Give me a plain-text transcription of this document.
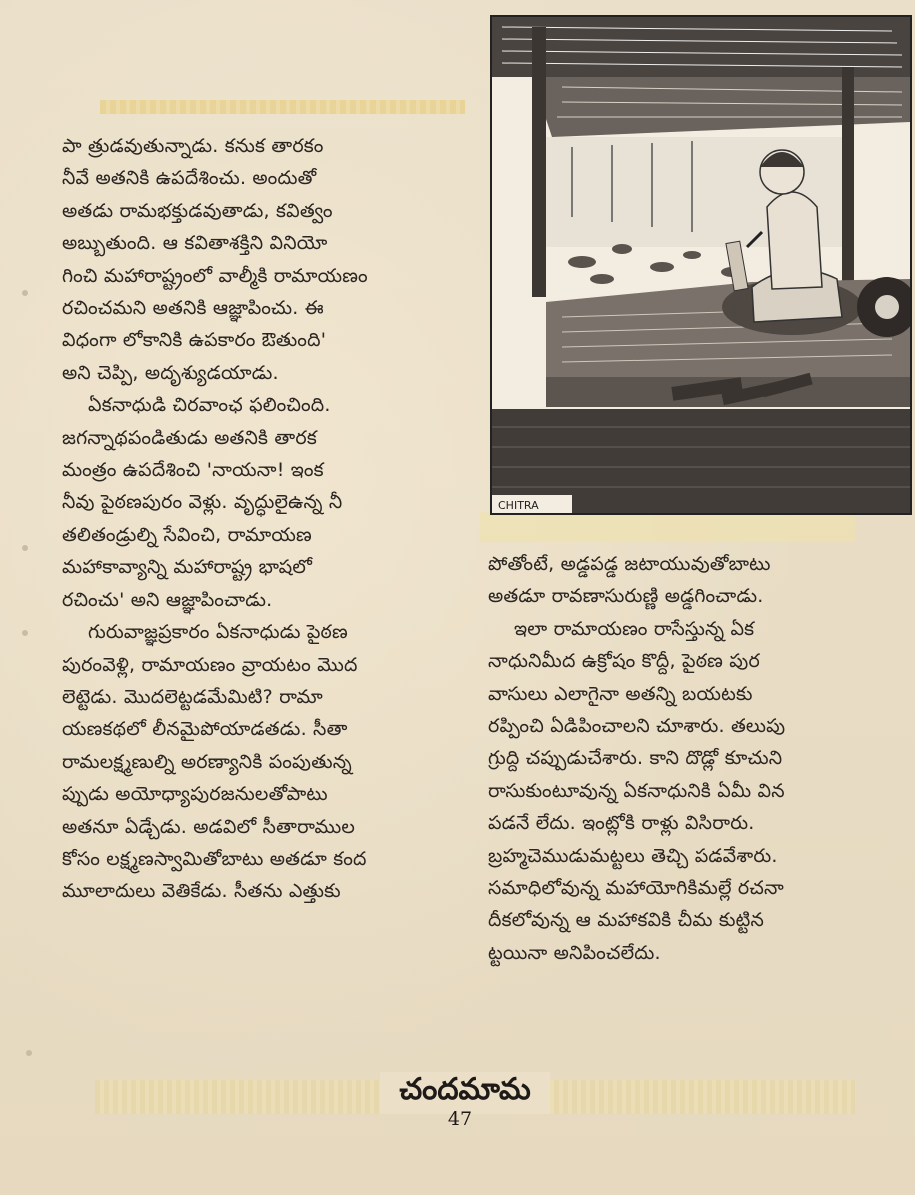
పా త్రుడవుతున్నాడు. కనుక తారకం

నీవే అతనికి ఉపదేశించు. అందుతో

అతడు రామభక్తుడవుతాడు, కవిత్వం

అబ్బుతుంది. ఆ కవితాశక్తిని వినియో

గించి మహారాష్ట్రంలో వాల్మీకి రామాయణం

రచించమని అతనికి ఆజ్ఞాపించు. ఈ

విధంగా లోకానికి ఉపకారం ఔతుంది'

అని చెప్పి, అదృశ్యుడయాడు.

ఏకనాధుడి చిరవాంఛ ఫలించింది.

జగన్నాథపండితుడు అతనికి తారక

మంత్రం ఉపదేశించి 'నాయనా! ఇంక

నీవు పైఠణపురం వెళ్లు. వృద్ధులైఉన్న నీ

తలితండ్రుల్ని సేవించి, రామాయణ

మహాకావ్యాన్ని మహారాష్ట్ర భాషలో

రచించు' అని ఆజ్ఞాపించాడు.

గురువాజ్ఞప్రకారం ఏకనాధుడు పైఠణ

పురంవెళ్లి, రామాయణం వ్రాయటం మొద

లెట్టెడు. మొదలెట్టడమేమిటి? రామా

యణకథలో లీనమైపోయాడతడు. సీతా

రామలక్ష్మణుల్ని అరణ్యానికి పంపుతున్న

ప్పుడు అయోధ్యాపురజనులతోపాటు

అతనూ ఏడ్చేడు. అడవిలో సీతారాముల

కోసం లక్ష్మణస్వామితోబాటు అతడూ కంద

మూలాదులు వెతికేడు. సీతను ఎత్తుకు

CHITRA

పోతోంటే, అడ్డపడ్డ జటాయువుతోబాటు

అతడూ రావణాసురుణ్ణి అడ్డగించాడు.

ఇలా రామాయణం రాసేస్తున్న ఏక

నాధునిమీద ఉక్రోషం కొద్దీ, పైఠణ పుర

వాసులు ఎలాగైనా అతన్ని బయటకు

రప్పించి ఏడిపించాలని చూశారు. తలుపు

గ్రుద్ది చప్పుడుచేశారు. కాని దొడ్లో కూచుని

రాసుకుంటూవున్న ఏకనాధునికి ఏమీ విన

పడనే లేదు. ఇంట్లోకి రాళ్లు విసిరారు.

బ్రహ్మచెముడుమట్టలు తెచ్చి పడవేశారు.

సమాధిలోవున్న మహాయోగికిమల్లే రచనా

దీకలోవున్న ఆ మహాకవికి చీమ కుట్టిన

ట్టయినా అనిపించలేదు.

చందమామ
47
